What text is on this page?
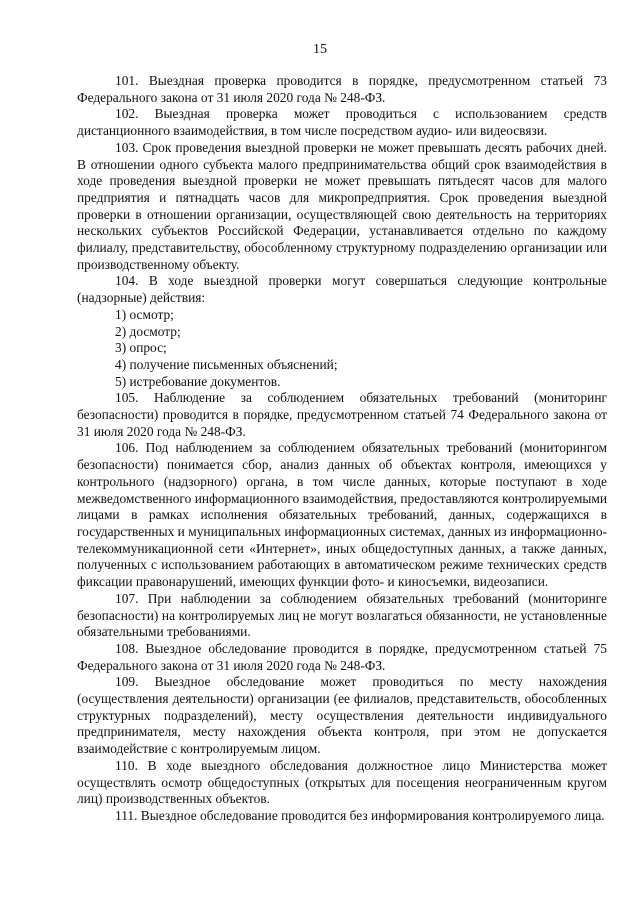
15

101. Выездная проверка проводится в порядке, предусмотренном статьей 73 Федерального закона от 31 июля 2020 года № 248-ФЗ.

102. Выездная проверка может проводиться с использованием средств дистанционного взаимодействия, в том числе посредством аудио- или видеосвязи.

103. Срок проведения выездной проверки не может превышать десять рабочих дней. В отношении одного субъекта малого предпринимательства общий срок взаимодействия в ходе проведения выездной проверки не может превышать пятьдесят часов для малого предприятия и пятнадцать часов для микропредприятия. Срок проведения выездной проверки в отношении организации, осуществляющей свою деятельность на территориях нескольких субъектов Российской Федерации, устанавливается отдельно по каждому филиалу, представительству, обособленному структурному подразделению организации или производственному объекту.

104. В ходе выездной проверки могут совершаться следующие контрольные (надзорные) действия:

1) осмотр;

2) досмотр;

3) опрос;

4) получение письменных объяснений;

5) истребование документов.

105. Наблюдение за соблюдением обязательных требований (мониторинг безопасности) проводится в порядке, предусмотренном статьей 74 Федерального закона от 31 июля 2020 года № 248-ФЗ.

106. Под наблюдением за соблюдением обязательных требований (мониторингом безопасности) понимается сбор, анализ данных об объектах контроля, имеющихся у контрольного (надзорного) органа, в том числе данных, которые поступают в ходе межведомственного информационного взаимодействия, предоставляются контролируемыми лицами в рамках исполнения обязательных требований, данных, содержащихся в государственных и муниципальных информационных системах, данных из информационно-телекоммуникационной сети «Интернет», иных общедоступных данных, а также данных, полученных с использованием работающих в автоматическом режиме технических средств фиксации правонарушений, имеющих функции фото- и киносъемки, видеозаписи.

107. При наблюдении за соблюдением обязательных требований (мониторинге безопасности) на контролируемых лиц не могут возлагаться обязанности, не установленные обязательными требованиями.

108. Выездное обследование проводится в порядке, предусмотренном статьей 75 Федерального закона от 31 июля 2020 года № 248-ФЗ.

109. Выездное обследование может проводиться по месту нахождения (осуществления деятельности) организации (ее филиалов, представительств, обособленных структурных подразделений), месту осуществления деятельности индивидуального предпринимателя, месту нахождения объекта контроля, при этом не допускается взаимодействие с контролируемым лицом.

110. В ходе выездного обследования должностное лицо Министерства может осуществлять осмотр общедоступных (открытых для посещения неограниченным кругом лиц) производственных объектов.

111. Выездное обследование проводится без информирования контролируемого лица.
